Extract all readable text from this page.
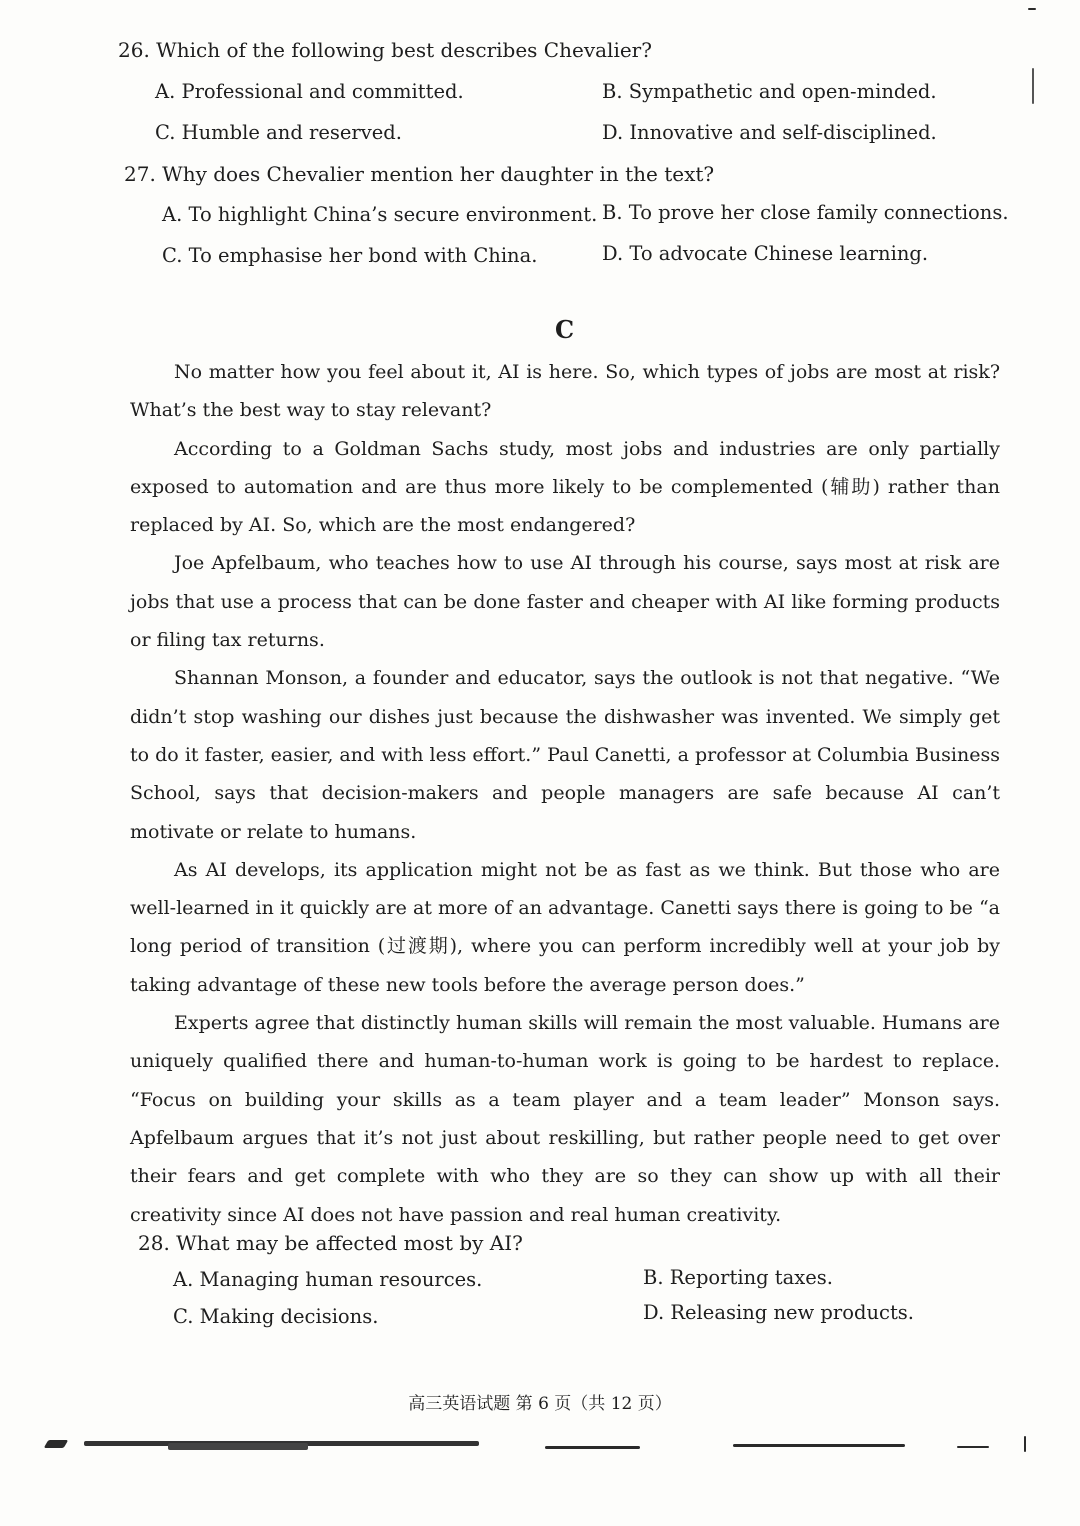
26. Which of the following best describes Chevalier?
A. Professional and committed.	B. Sympathetic and open-minded.
C. Humble and reserved.	D. Innovative and self-disciplined.
27. Why does Chevalier mention her daughter in the text?
A. To highlight China’s secure environment. B. To prove her close family connections.
C. To emphasise her bond with China.	D. To advocate Chinese learning.
C

No matter how you feel about it, AI is here. So, which types of jobs are most at risk? What’s the best way to stay relevant?

According to a Goldman Sachs study, most jobs and industries are only partially exposed to automation and are thus more likely to be complemented (辅助) rather than replaced by AI. So, which are the most endangered?

Joe Apfelbaum, who teaches how to use AI through his course, says most at risk are jobs that use a process that can be done faster and cheaper with AI like forming products or filing tax returns.

Shannan Monson, a founder and educator, says the outlook is not that negative. “We didn’t stop washing our dishes just because the dishwasher was invented. We simply get to do it faster, easier, and with less effort.” Paul Canetti, a professor at Columbia Business School, says that decision-makers and people managers are safe because AI can’t motivate or relate to humans.

As AI develops, its application might not be as fast as we think. But those who are well-learned in it quickly are at more of an advantage. Canetti says there is going to be “a long period of transition (过渡期), where you can perform incredibly well at your job by taking advantage of these new tools before the average person does.”

Experts agree that distinctly human skills will remain the most valuable. Humans are uniquely qualified there and human-to-human work is going to be hardest to replace. “Focus on building your skills as a team player and a team leader” Monson says. Apfelbaum argues that it’s not just about reskilling, but rather people need to get over their fears and get complete with who they are so they can show up with all their creativity since AI does not have passion and real human creativity.

28. What may be affected most by AI?
A. Managing human resources.	B. Reporting taxes.
C. Making decisions.	D. Releasing new products.
高三英语试题 第 6 页（共 12 页）
